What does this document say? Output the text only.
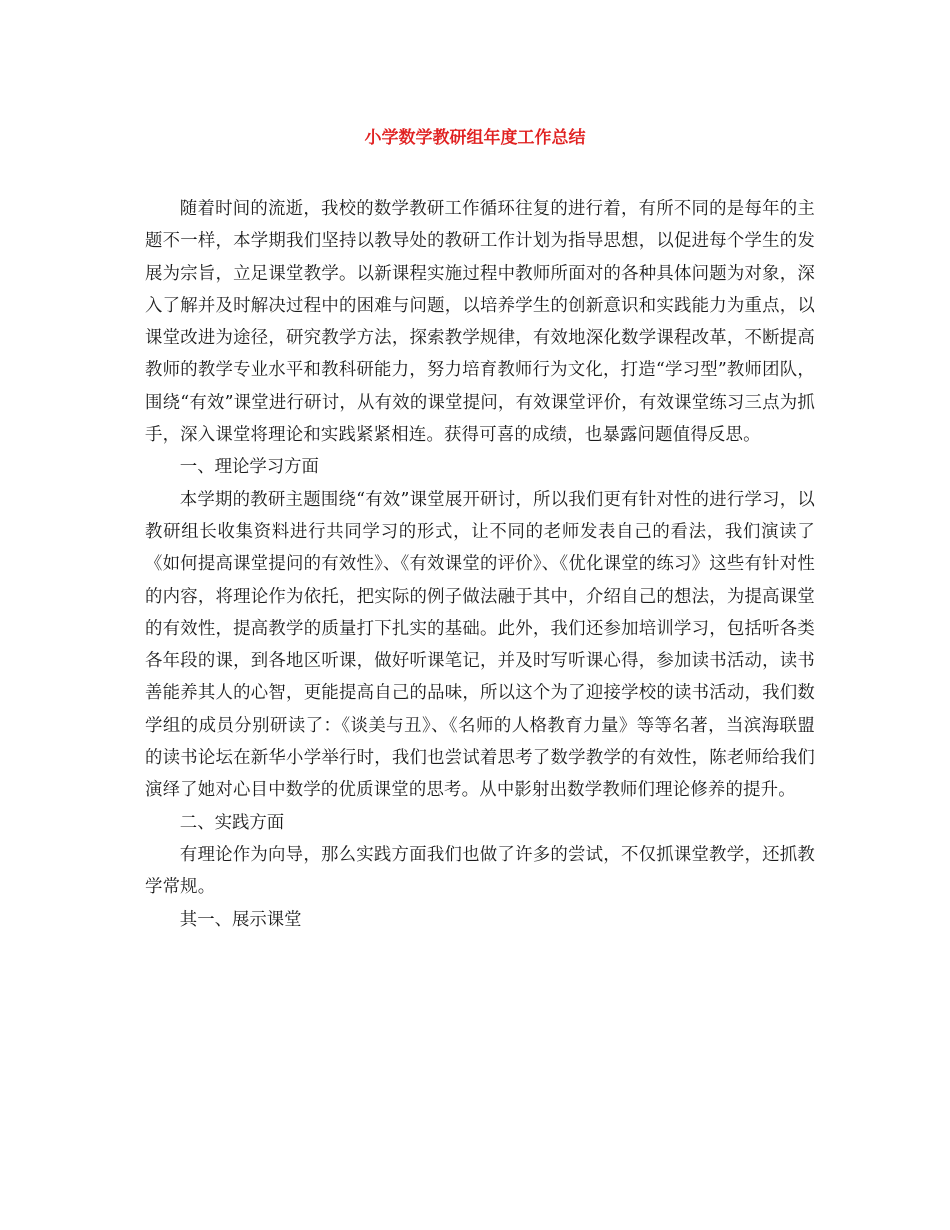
小学数学教研组年度工作总结

随着时间的流逝，我校的数学教研工作循环往复的进行着，有所不同的是每年的主题不一样，本学期我们坚持以教导处的教研工作计划为指导思想，以促进每个学生的发展为宗旨，立足课堂教学。以新课程实施过程中教师所面对的各种具体问题为对象，深入了解并及时解决过程中的困难与问题，以培养学生的创新意识和实践能力为重点，以课堂改进为途径，研究教学方法，探索教学规律，有效地深化数学课程改革，不断提高教师的教学专业水平和教科研能力，努力培育教师行为文化，打造“学习型”教师团队，围绕“有效”课堂进行研讨，从有效的课堂提问，有效课堂评价，有效课堂练习三点为抓手，深入课堂将理论和实践紧紧相连。获得可喜的成绩，也暴露问题值得反思。

一、理论学习方面

本学期的教研主题围绕“有效”课堂展开研讨，所以我们更有针对性的进行学习，以教研组长收集资料进行共同学习的形式，让不同的老师发表自己的看法，我们演读了《如何提高课堂提问的有效性》、《有效课堂的评价》、《优化课堂的练习》这些有针对性的内容，将理论作为依托，把实际的例子做法融于其中，介绍自己的想法，为提高课堂的有效性，提高教学的质量打下扎实的基础。此外，我们还参加培训学习，包括听各类各年段的课，到各地区听课，做好听课笔记，并及时写听课心得，参加读书活动，读书善能养其人的心智，更能提高自己的品味，所以这个为了迎接学校的读书活动，我们数学组的成员分别研读了：《谈美与丑》、《名师的人格教育力量》等等名著，当滨海联盟的读书论坛在新华小学举行时，我们也尝试着思考了数学教学的有效性，陈老师给我们演绎了她对心目中数学的优质课堂的思考。从中影射出数学教师们理论修养的提升。

二、实践方面

有理论作为向导，那么实践方面我们也做了许多的尝试，不仅抓课堂教学，还抓教学常规。

其一、展示课堂
